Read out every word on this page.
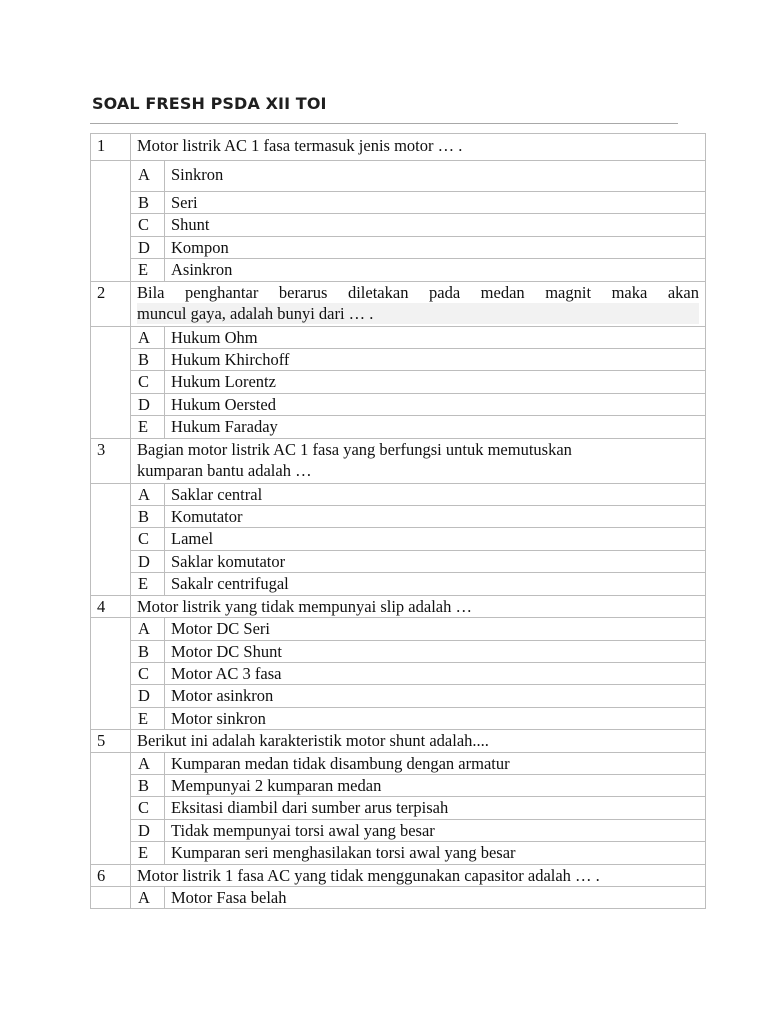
SOAL FRESH PSDA XII TOI
1	Motor listrik AC 1 fasa termasuk jenis motor … .	
	A	Sinkron
	B	Seri
	C	Shunt
	D	Kompon
	E	Asinkron
2	Bila penghantar berarus diletakan pada medan magnit maka akan
muncul gaya, adalah bunyi dari … .	

	A	Hukum Ohm
	B	Hukum Khirchoff
	C	Hukum Lorentz
	D	Hukum Oersted
	E	Hukum Faraday
3	Bagian motor listrik AC 1 fasa yang berfungsi untuk memutuskan
kumparan bantu adalah …	

	A	Saklar central
	B	Komutator
	C	Lamel
	D	Saklar komutator
	E	Sakalr centrifugal
4	Motor listrik yang tidak mempunyai slip adalah …	
	A	Motor DC Seri
	B	Motor DC Shunt
	C	Motor AC 3 fasa
	D	Motor asinkron
	E	Motor sinkron
5	Berikut ini adalah karakteristik motor shunt adalah....	
	A	Kumparan medan tidak disambung dengan armatur
	B	Mempunyai 2 kumparan medan
	C	Eksitasi diambil dari sumber arus terpisah
	D	Tidak mempunyai torsi awal yang besar
	E	Kumparan seri menghasilakan torsi awal yang besar
6	Motor listrik 1 fasa AC yang tidak menggunakan capasitor adalah … .	
	A	Motor Fasa belah
